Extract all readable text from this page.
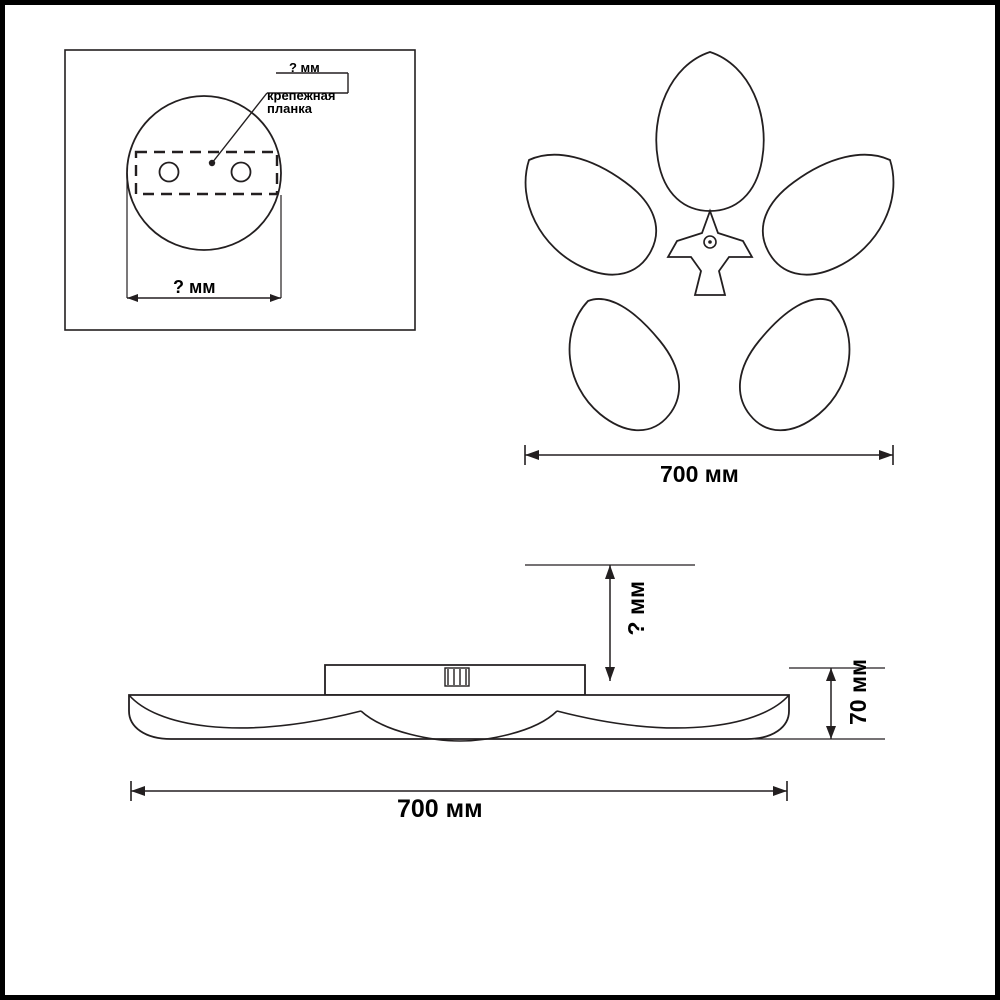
? мм
крепежная
планка
? мм
700 мм
? мм
70 мм
700 мм
